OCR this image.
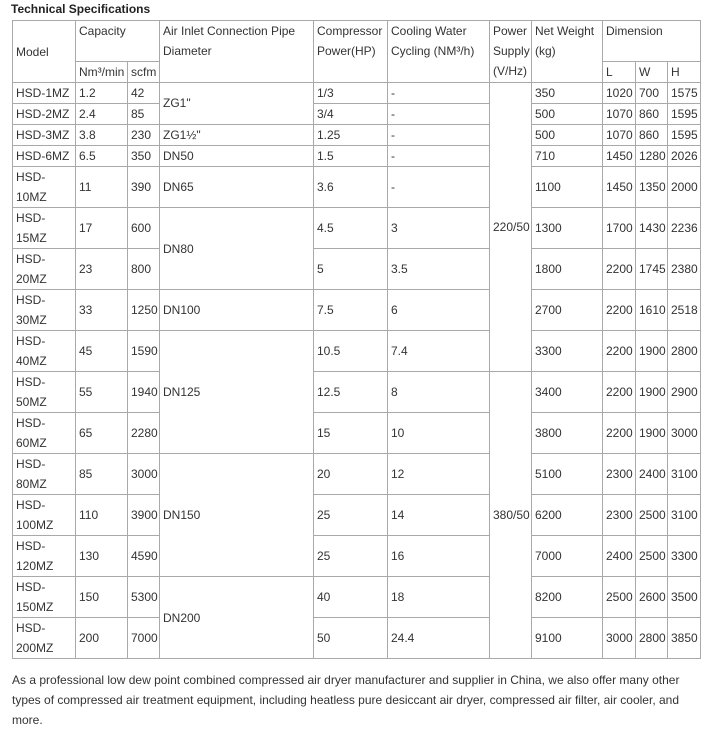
Technical Specifications
Model	Capacity		Air Inlet Connection Pipe Diameter	Compressor Power(HP)	Cooling Water Cycling (NM³/h)	Power Supply (V/Hz)	Net Weight (kg)	Dimension		
	Nm³/min	scfm						L	W	H
HSD-1MZ	1.2	42	ZG1"	1/3	-	220/50	350	1020	700	1575
HSD-2MZ	2.4	85		3/4	-		500	1070	860	1595
HSD-3MZ	3.8	230	ZG1½"	1.25	-		500	1070	860	1595
HSD-6MZ	6.5	350	DN50	1.5	-		710	1450	1280	2026
HSD-
10MZ	11	390	DN65	3.6	-		1100	1450	1350	2000
HSD-
15MZ	17	600	DN80	4.5	3		1300	1700	1430	2236
HSD-
20MZ	23	800		5	3.5		1800	2200	1745	2380
HSD-
30MZ	33	1250	DN100	7.5	6		2700	2200	1610	2518
HSD-
40MZ	45	1590	DN125	10.5	7.4		3300	2200	1900	2800
HSD-
50MZ	55	1940		12.5	8	380/50	3400	2200	1900	2900
HSD-
60MZ	65	2280		15	10		3800	2200	1900	3000
HSD-
80MZ	85	3000	DN150	20	12		5100	2300	2400	3100
HSD-
100MZ	110	3900		25	14		6200	2300	2500	3100
HSD-
120MZ	130	4590		25	16		7000	2400	2500	3300
HSD-
150MZ	150	5300	DN200	40	18		8200	2500	2600	3500
HSD-
200MZ	200	7000		50	24.4		9100	3000	2800	3850
As a professional low dew point combined compressed air dryer manufacturer and supplier in China, we also offer many other types of compressed air treatment equipment, including heatless pure desiccant air dryer, compressed air filter, air cooler, and more.
